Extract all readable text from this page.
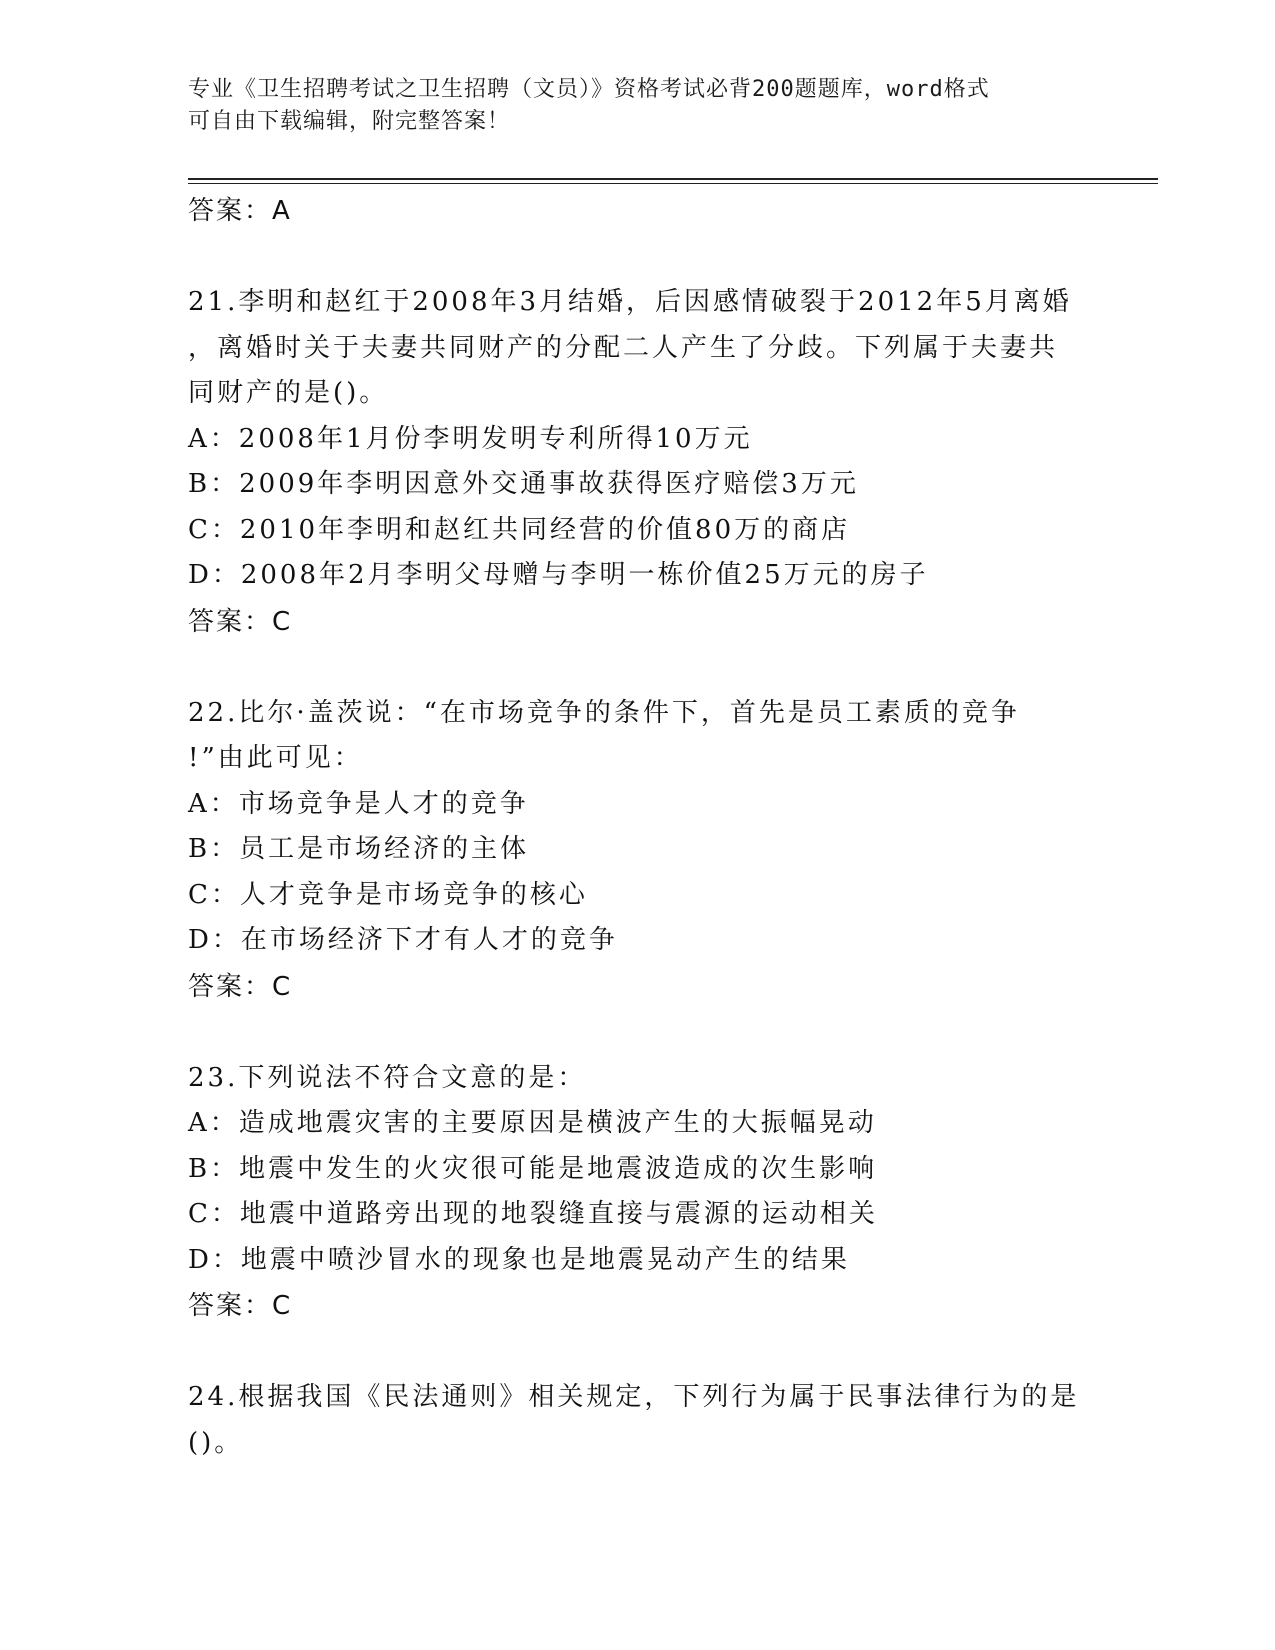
专业《卫生招聘考试之卫生招聘（文员）》资格考试必背200题题库，word格式
可自由下载编辑，附完整答案！
答案：A
21.李明和赵红于2008年3月结婚，后因感情破裂于2012年5月离婚
，离婚时关于夫妻共同财产的分配二人产生了分歧。下列属于夫妻共
同财产的是()。
A：2008年1月份李明发明专利所得10万元
B：2009年李明因意外交通事故获得医疗赔偿3万元
C：2010年李明和赵红共同经营的价值80万的商店
D：2008年2月李明父母赠与李明一栋价值25万元的房子
答案：C
22.比尔·盖茨说：“在市场竞争的条件下，首先是员工素质的竞争
!”由此可见：
A：市场竞争是人才的竞争
B：员工是市场经济的主体
C：人才竞争是市场竞争的核心
D：在市场经济下才有人才的竞争
答案：C
23.下列说法不符合文意的是：
A：造成地震灾害的主要原因是横波产生的大振幅晃动
B：地震中发生的火灾很可能是地震波造成的次生影响
C：地震中道路旁出现的地裂缝直接与震源的运动相关
D：地震中喷沙冒水的现象也是地震晃动产生的结果
答案：C
24.根据我国《民法通则》相关规定，下列行为属于民事法律行为的是
()。
